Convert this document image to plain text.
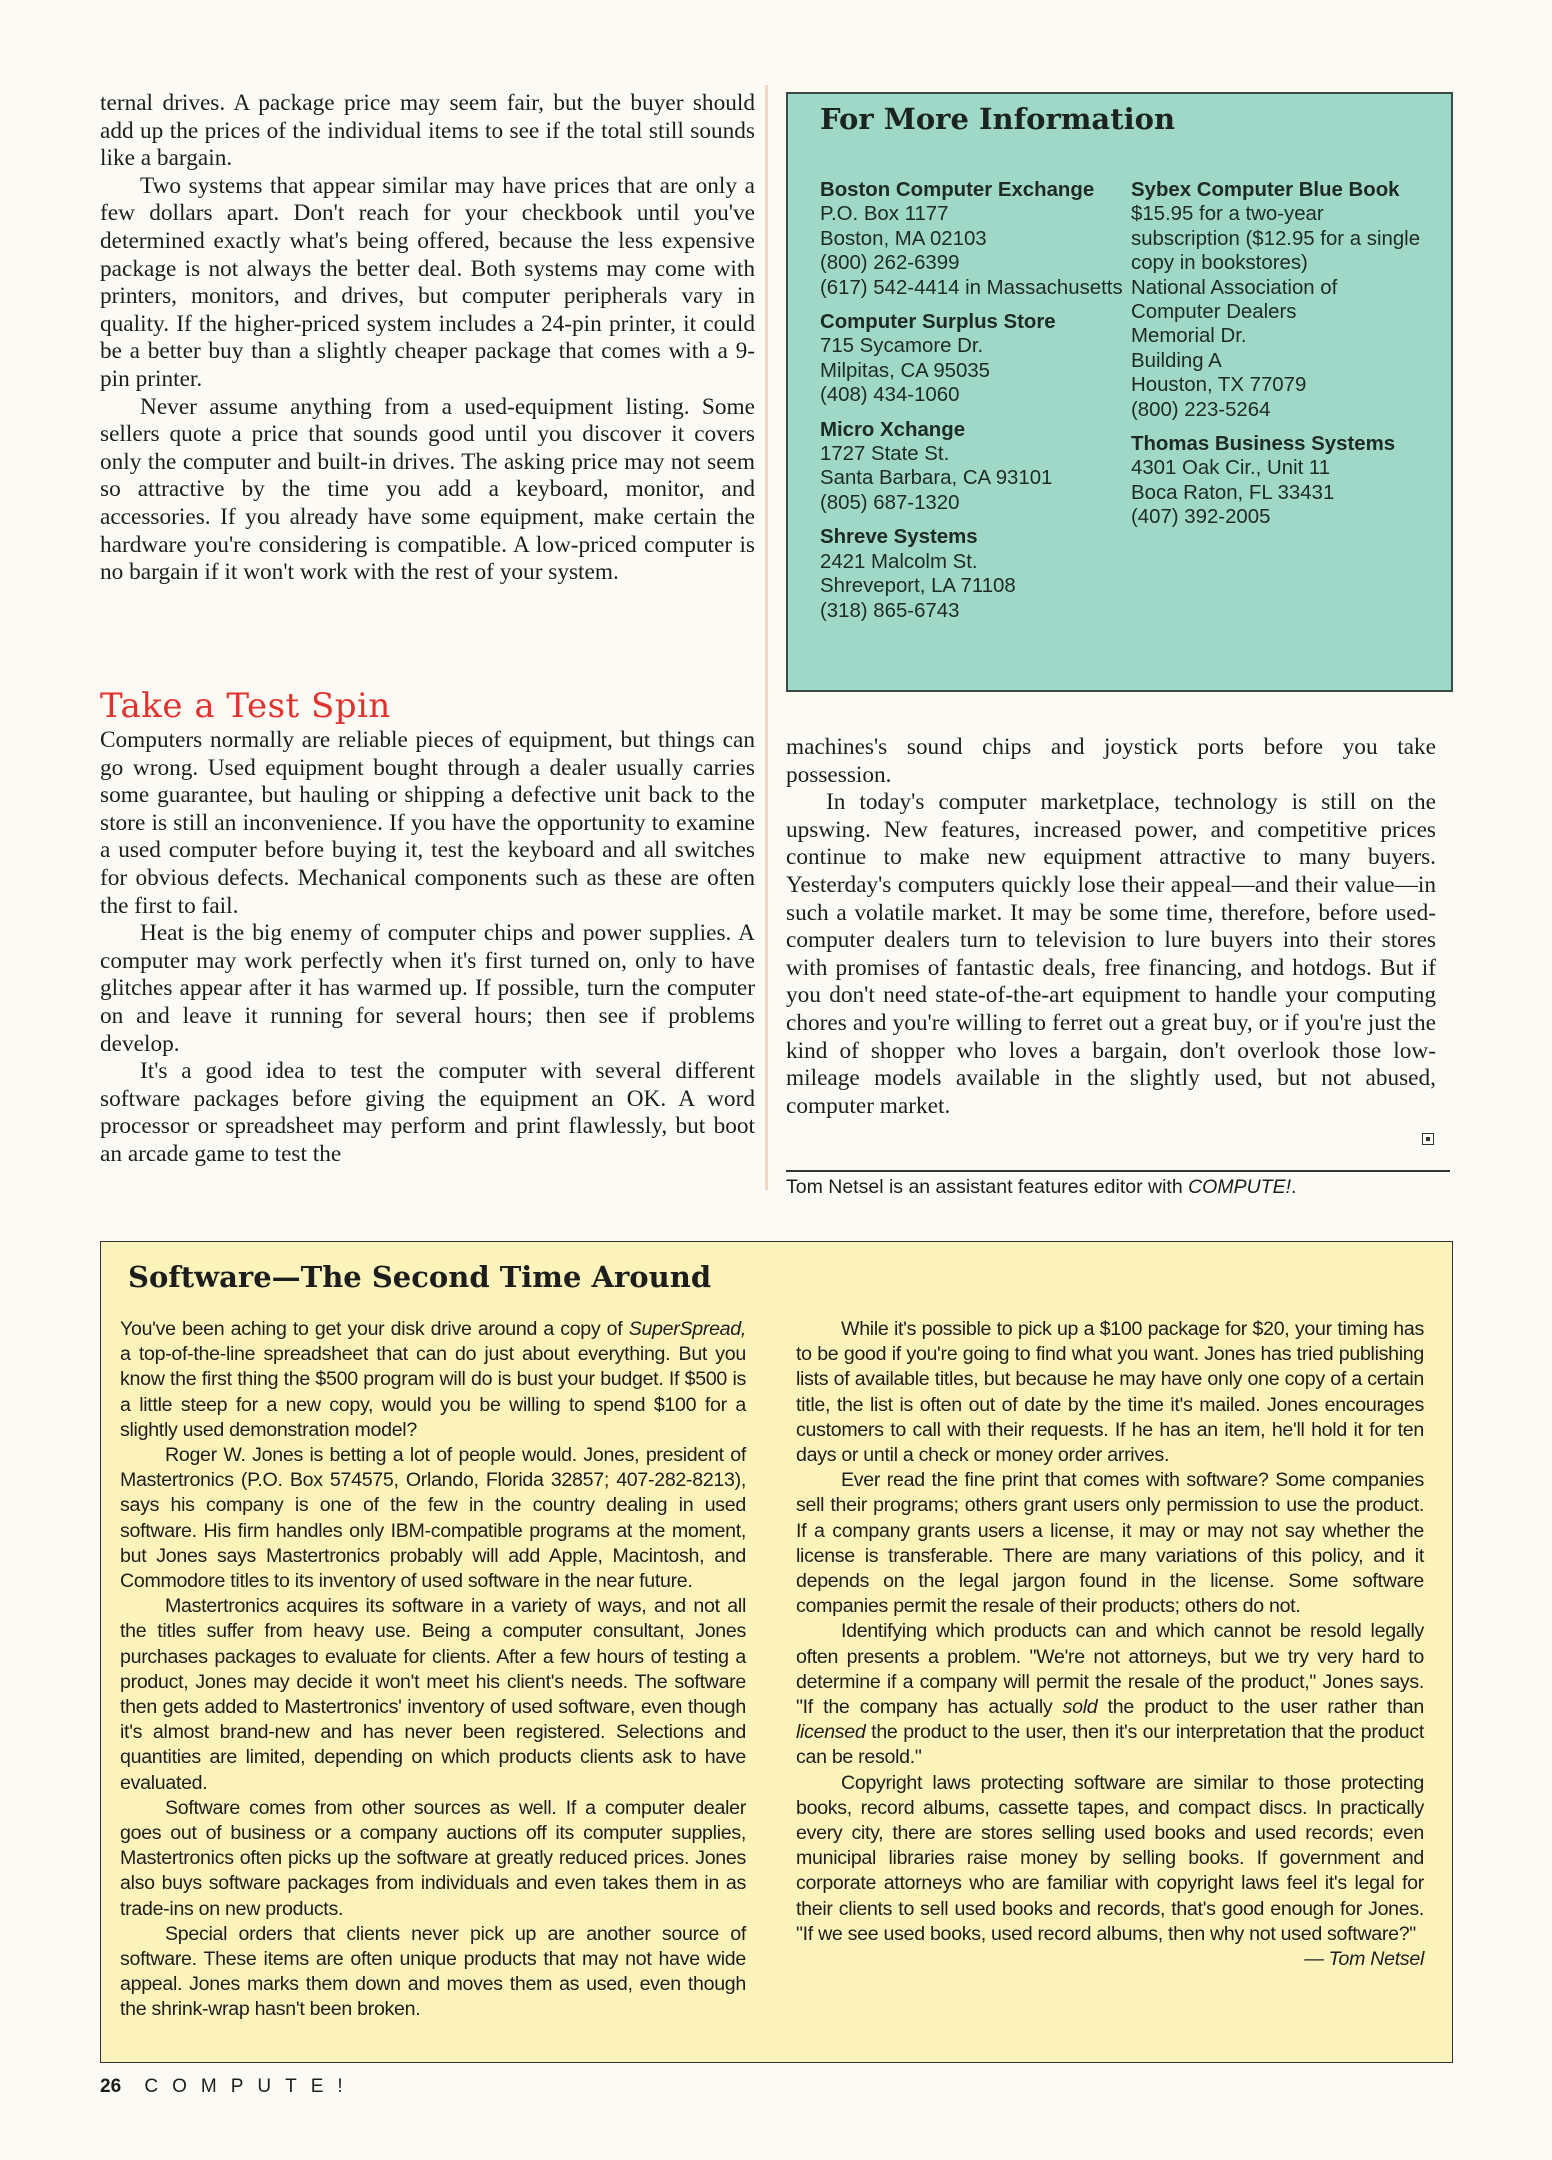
ternal drives. A package price may seem fair, but the buyer should add up the prices of the individual items to see if the total still sounds like a bargain.

Two systems that appear similar may have prices that are only a few dollars apart. Don't reach for your checkbook until you've determined exactly what's being offered, because the less expensive package is not always the better deal. Both systems may come with printers, monitors, and drives, but computer peripherals vary in quality. If the higher-priced system includes a 24-pin printer, it could be a better buy than a slightly cheaper package that comes with a 9-pin printer.

Never assume anything from a used-equipment listing. Some sellers quote a price that sounds good until you discover it covers only the computer and built-in drives. The asking price may not seem so attractive by the time you add a keyboard, monitor, and accessories. If you already have some equipment, make certain the hardware you're considering is compatible. A low-priced computer is no bargain if it won't work with the rest of your system.

Take a Test Spin

Computers normally are reliable pieces of equipment, but things can go wrong. Used equipment bought through a dealer usually carries some guarantee, but hauling or shipping a defective unit back to the store is still an inconvenience. If you have the opportunity to examine a used computer before buying it, test the keyboard and all switches for obvious defects. Mechanical components such as these are often the first to fail.

Heat is the big enemy of computer chips and power supplies. A computer may work perfectly when it's first turned on, only to have glitches appear after it has warmed up. If possible, turn the computer on and leave it running for several hours; then see if problems develop.

It's a good idea to test the computer with several different software packages before giving the equipment an OK. A word processor or spreadsheet may perform and print flawlessly, but boot an arcade game to test the

machines's sound chips and joystick ports before you take possession.

In today's computer marketplace, technology is still on the upswing. New features, increased power, and competitive prices continue to make new equipment attractive to many buyers. Yesterday's computers quickly lose their appeal—and their value—in such a volatile market. It may be some time, therefore, before used-computer dealers turn to television to lure buyers into their stores with promises of fantastic deals, free financing, and hotdogs. But if you don't need state-of-the-art equipment to handle your computing chores and you're willing to ferret out a great buy, or if you're just the kind of shopper who loves a bargain, don't overlook those low-mileage models available in the slightly used, but not abused, computer market.

Tom Netsel is an assistant features editor with COMPUTE!.
For More Information
Boston Computer Exchange
P.O. Box 1177
Boston, MA 02103
(800) 262-6399
(617) 542-4414 in Massachusetts
Computer Surplus Store
715 Sycamore Dr.
Milpitas, CA 95035
(408) 434-1060
Micro Xchange
1727 State St.
Santa Barbara, CA 93101
(805) 687-1320
Shreve Systems
2421 Malcolm St.
Shreveport, LA 71108
(318) 865-6743
Sybex Computer Blue Book
$15.95 for a two-year subscription ($12.95 for a single copy in bookstores)
National Association of Computer Dealers
Memorial Dr.
Building A
Houston, TX 77079
(800) 223-5264
Thomas Business Systems
4301 Oak Cir., Unit 11
Boca Raton, FL 33431
(407) 392-2005
Software—The Second Time Around

You've been aching to get your disk drive around a copy of SuperSpread, a top-of-the-line spreadsheet that can do just about everything. But you know the first thing the $500 program will do is bust your budget. If $500 is a little steep for a new copy, would you be willing to spend $100 for a slightly used demonstration model?

Roger W. Jones is betting a lot of people would. Jones, president of Mastertronics (P.O. Box 574575, Orlando, Florida 32857; 407-282-8213), says his company is one of the few in the country dealing in used software. His firm handles only IBM-compatible programs at the moment, but Jones says Mastertronics probably will add Apple, Macintosh, and Commodore titles to its inventory of used software in the near future.

Mastertronics acquires its software in a variety of ways, and not all the titles suffer from heavy use. Being a computer consultant, Jones purchases packages to evaluate for clients. After a few hours of testing a product, Jones may decide it won't meet his client's needs. The software then gets added to Mastertronics' inventory of used software, even though it's almost brand-new and has never been registered. Selections and quantities are limited, depending on which products clients ask to have evaluated.

Software comes from other sources as well. If a computer dealer goes out of business or a company auctions off its computer supplies, Mastertronics often picks up the software at greatly reduced prices. Jones also buys software packages from individuals and even takes them in as trade-ins on new products.

Special orders that clients never pick up are another source of software. These items are often unique products that may not have wide appeal. Jones marks them down and moves them as used, even though the shrink-wrap hasn't been broken.

While it's possible to pick up a $100 package for $20, your timing has to be good if you're going to find what you want. Jones has tried publishing lists of available titles, but because he may have only one copy of a certain title, the list is often out of date by the time it's mailed. Jones encourages customers to call with their requests. If he has an item, he'll hold it for ten days or until a check or money order arrives.

Ever read the fine print that comes with software? Some companies sell their programs; others grant users only permission to use the product. If a company grants users a license, it may or may not say whether the license is transferable. There are many variations of this policy, and it depends on the legal jargon found in the license. Some software companies permit the resale of their products; others do not.

Identifying which products can and which cannot be resold legally often presents a problem. "We're not attorneys, but we try very hard to determine if a company will permit the resale of the product," Jones says. "If the company has actually sold the product to the user rather than licensed the product to the user, then it's our interpretation that the product can be resold."

Copyright laws protecting software are similar to those protecting books, record albums, cassette tapes, and compact discs. In practically every city, there are stores selling used books and used records; even municipal libraries raise money by selling books. If government and corporate attorneys who are familiar with copyright laws feel it's legal for their clients to sell used books and records, that's good enough for Jones. "If we see used books, used record albums, then why not used software?"

— Tom Netsel
26 COMPUTE!
